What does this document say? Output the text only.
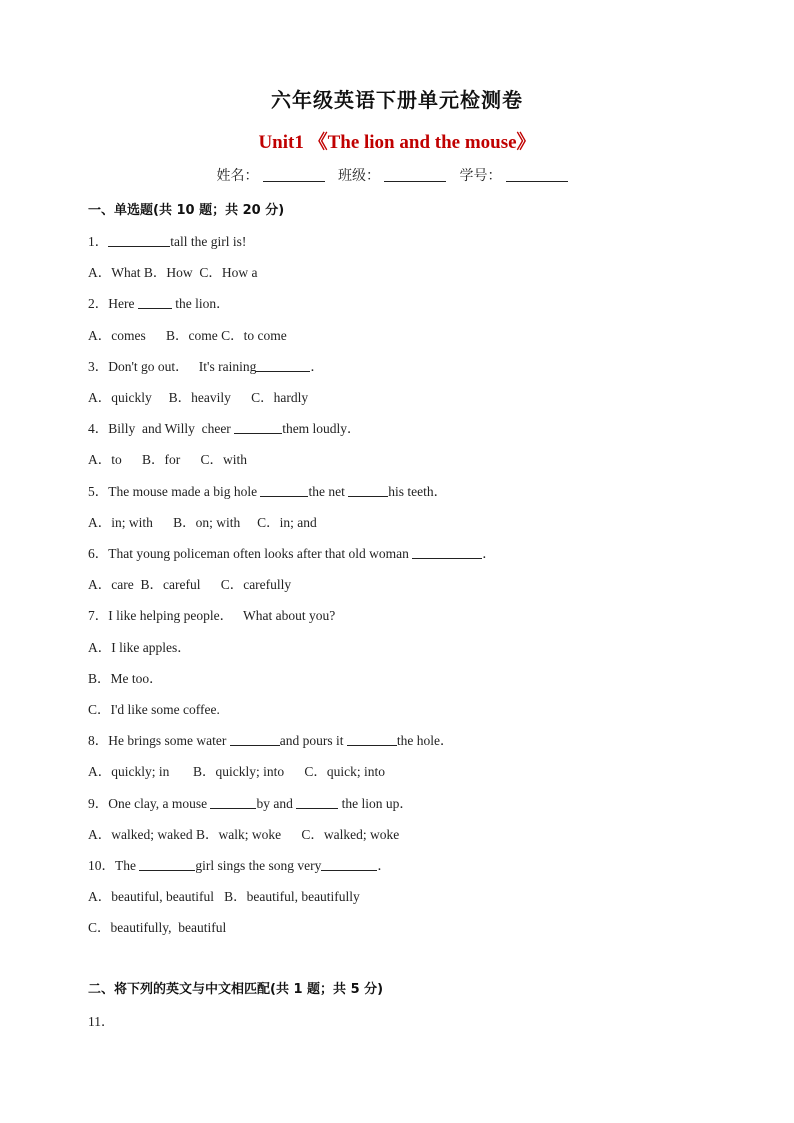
六年级英语下册单元检测卷
Unit1 《The lion and the mouse》
姓名：	班级：	学号：
一、单选题(共 10 题；共 20 分)
1．	tall the girl is!
A．What B．How  C．How a
2．Here	the lion．
A．comes      B．come C．to come
3．Don't go out．   It's raining	．
A．quickly     B．heavily      C．hardly
4．Billy  and Willy  cheer	them loudly．
A．to      B．for      C．with
5．The mouse made a big hole	the net	his teeth．
A．in; with      B．on; with     C．in; and
6．That young policeman often looks after that old woman	．
A．care  B．careful      C．carefully
7．I like helping people．   What about you?
A．I like apples．
B．Me too．
C．I'd like some coffee.
8．He brings some water	and pours it	the hole．
A．quickly; in       B．quickly; into      C．quick; into
9．One clay, a mouse	by and	the lion up．
A．walked; waked B．walk; woke      C．walked; woke
10．The	girl sings the song very	．
A．beautiful, beautiful   B．beautiful, beautifully
C．beautifully,  beautiful
二、将下列的英文与中文相匹配(共 1 题；共 5 分)
11．
